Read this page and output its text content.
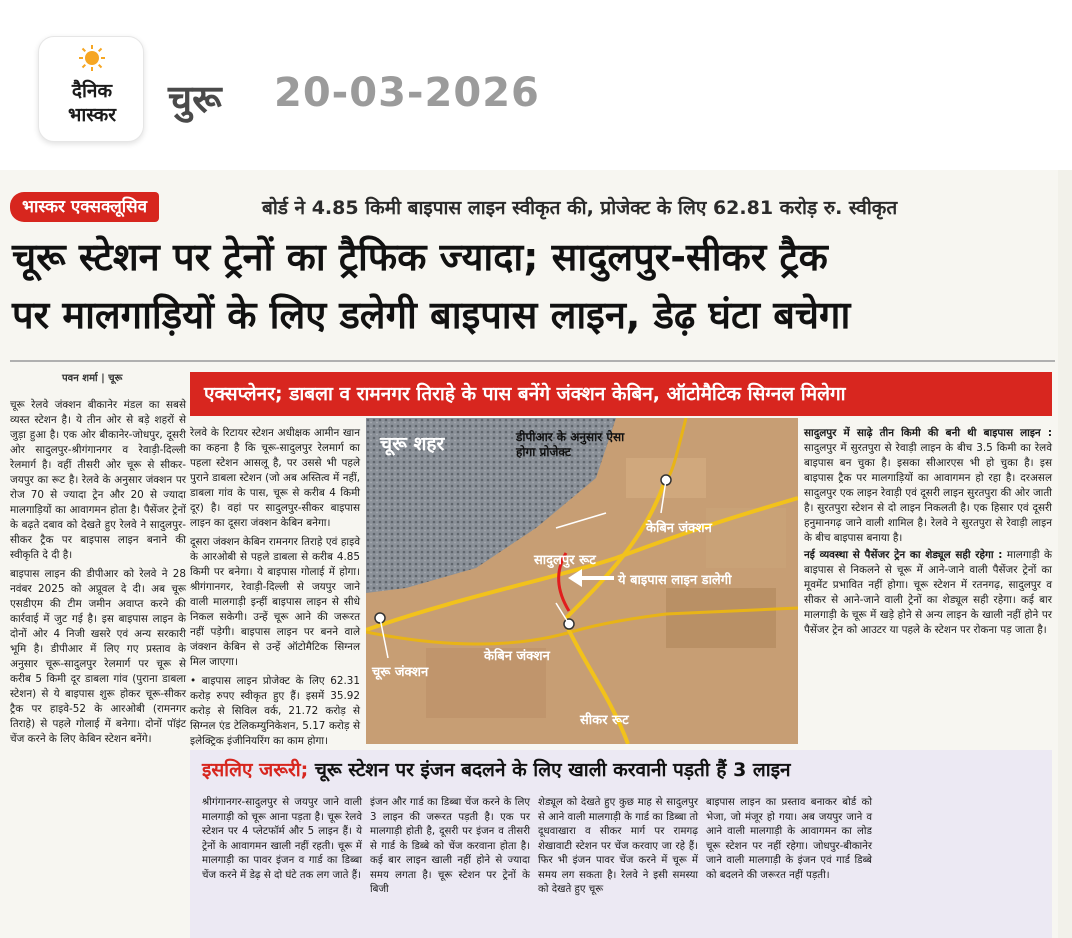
दैनिक
भास्कर	चुरू 20-03-2026
भास्कर एक्सक्लूसिव	बोर्ड ने 4.85 किमी बाइपास लाइन स्वीकृत की, प्रोजेक्ट के लिए 62.81 करोड़ रु. स्वीकृत
चूरू स्टेशन पर ट्रेनों का ट्रैफिक ज्यादा; सादुलपुर-सीकर ट्रैक
पर मालगाड़ियों के लिए डलेगी बाइपास लाइन, डेढ़ घंटा बचेगा
पवन शर्मा | चूरू

चूरू रेलवे जंक्शन बीकानेर मंडल का सबसे व्यस्त स्टेशन है। ये तीन ओर से बड़े शहरों से जुड़ा हुआ है। एक ओर बीकानेर-जोधपुर, दूसरी ओर सादुलपुर-श्रीगंगानगर व रेवाड़ी-दिल्ली रेलमार्ग है। वहीं तीसरी ओर चूरू से सीकर-जयपुर का रूट है। रेलवे के अनुसार जंक्शन पर रोज 70 से ज्यादा ट्रेन और 20 से ज्यादा मालगाड़ियों का आवागमन होता है। पैसेंजर ट्रेनों के बढ़ते दबाव को देखते हुए रेलवे ने सादुलपुर-सीकर ट्रैक पर बाइपास लाइन बनाने की स्वीकृति दे दी है।

बाइपास लाइन की डीपीआर को रेलवे ने 28 नवंबर 2025 को अप्रूवल दे दी। अब चूरू एसडीएम की टीम जमीन अवाप्त करने की कार्रवाई में जुट गई है। इस बाइपास लाइन के दोनों ओर 4 निजी खसरे एवं अन्य सरकारी भूमि है। डीपीआर में लिए गए प्रस्ताव के अनुसार चूरू-सादुलपुर रेलमार्ग पर चूरू से करीब 5 किमी दूर डाबला गांव (पुराना डाबला स्टेशन) से ये बाइपास शुरू होकर चूरू-सीकर ट्रैक पर हाइवे-52 के आरओबी (रामनगर तिराहे) से पहले गोलाई में बनेगा। दोनों पॉइंट चेंज करने के लिए केबिन स्टेशन बनेंगे।

एक्सप्लेनर; डाबला व रामनगर तिराहे के पास बनेंगे जंक्शन केबिन, ऑटोमैटिक सिग्नल मिलेगा

रेलवे के रिटायर स्टेशन अधीक्षक आमीन खान का कहना है कि चूरू-सादुलपुर रेलमार्ग का पहला स्टेशन आसलू है, पर उससे भी पहले पुराने डाबला स्टेशन (जो अब अस्तित्व में नहीं, डाबला गांव के पास, चूरू से करीब 4 किमी दूर) है। वहां पर सादुलपुर-सीकर बाइपास लाइन का दूसरा जंक्शन केबिन बनेगा।

दूसरा जंक्शन केबिन रामनगर तिराहे एवं हाइवे के आरओबी से पहले डाबला से करीब 4.85 किमी पर बनेगा। ये बाइपास गोलाई में होगा। श्रीगंगानगर, रेवाड़ी-दिल्ली से जयपुर जाने वाली मालगाड़ी इन्हीं बाइपास लाइन से सीधे निकल सकेगी। उन्हें चूरू आने की जरूरत नहीं पड़ेगी। बाइपास लाइन पर बनने वाले जंक्शन केबिन से उन्हें ऑटोमैटिक सिग्नल मिल जाएगा।

• बाइपास लाइन प्रोजेक्ट के लिए 62.31 करोड़ रुपए स्वीकृत हुए हैं। इसमें 35.92 करोड़ से सिविल वर्क, 21.72 करोड़ से सिग्नल एंड टेलिकम्युनिकेशन, 5.17 करोड़ से इलेक्ट्रिक इंजीनियरिंग का काम होगा।

चूरू शहर	डीपीआर के अनुसार ऐसा होगा प्रोजेक्ट
केबिन जंक्शन
सादुलपुर रूट
ये बाइपास लाइन डालेगी
चूरू जंक्शन
केबिन जंक्शन
सीकर रूट

सादुलपुर में साढ़े तीन किमी की बनी थी बाइपास लाइन : सादुलपुर में सुरतपुरा से रेवाड़ी लाइन के बीच 3.5 किमी का रेलवे बाइपास बन चुका है। इसका सीआरएस भी हो चुका है। इस बाइपास ट्रैक पर मालगाड़ियों का आवागमन हो रहा है। दरअसल सादुलपुर एक लाइन रेवाड़ी एवं दूसरी लाइन सुरतपुरा की ओर जाती है। सुरतपुरा स्टेशन से दो लाइन निकलती है। एक हिसार एवं दूसरी हनुमानगढ़ जाने वाली शामिल है। रेलवे ने सुरतपुरा से रेवाड़ी लाइन के बीच बाइपास बनाया है।

नई व्यवस्था से पैसेंजर ट्रेन का शेड्यूल सही रहेगा : मालगाड़ी के बाइपास से निकलने से चूरू में आने-जाने वाली पैसेंजर ट्रेनों का मूवमेंट प्रभावित नहीं होगा। चूरू स्टेशन में रतनगढ़, सादुलपुर व सीकर से आने-जाने वाली ट्रेनों का शेड्यूल सही रहेगा। कई बार मालगाड़ी के चूरू में खड़े होने से अन्य लाइन के खाली नहीं होने पर पैसेंजर ट्रेन को आउटर या पहले के स्टेशन पर रोकना पड़ जाता है।

इसलिए जरूरी; चूरू स्टेशन पर इंजन बदलने के लिए खाली करवानी पड़ती हैं 3 लाइन
श्रीगंगानगर-सादुलपुर से जयपुर जाने वाली मालगाड़ी को चूरू आना पड़ता है। चूरू रेलवे स्टेशन पर 4 प्लेटफॉर्म और 5 लाइन हैं। ये ट्रेनों के आवागमन खाली नहीं रहती। चूरू में मालगाड़ी का पावर इंजन व गार्ड का डिब्बा चेंज करने में डेढ़ से दो घंटे तक लग जाते हैं।
इंजन और गार्ड का डिब्बा चेंज करने के लिए 3 लाइन की जरूरत पड़ती है। एक पर मालगाड़ी होती है, दूसरी पर इंजन व तीसरी से गार्ड के डिब्बे को चेंज करवाना होता है। कई बार लाइन खाली नहीं होने से ज्यादा समय लगता है। चूरू स्टेशन पर ट्रेनों के बिजी
शेड्यूल को देखते हुए कुछ माह से सादुलपुर से आने वाली मालगाड़ी के गार्ड का डिब्बा तो दूधवाखारा व सीकर मार्ग पर रामगढ़ शेखावाटी स्टेशन पर चेंज करवाए जा रहे हैं। फिर भी इंजन पावर चेंज करने में चूरू में समय लग सकता है। रेलवे ने इसी समस्या को देखते हुए चूरू
बाइपास लाइन का प्रस्ताव बनाकर बोर्ड को भेजा, जो मंजूर हो गया। अब जयपुर जाने व आने वाली मालगाड़ी के आवागमन का लोड चूरू स्टेशन पर नहीं रहेगा। जोधपुर-बीकानेर जाने वाली मालगाड़ी के इंजन एवं गार्ड डिब्बे को बदलने की जरूरत नहीं पड़ती।
